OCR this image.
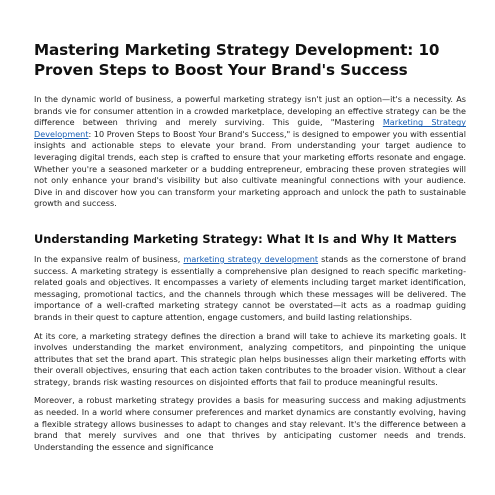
Mastering Marketing Strategy Development: 10 Proven Steps to Boost Your Brand's Success

In the dynamic world of business, a powerful marketing strategy isn't just an option—it's a necessity. As brands vie for consumer attention in a crowded marketplace, developing an effective strategy can be the difference between thriving and merely surviving. This guide, "Mastering Marketing Strategy Development: 10 Proven Steps to Boost Your Brand's Success," is designed to empower you with essential insights and actionable steps to elevate your brand. From understanding your target audience to leveraging digital trends, each step is crafted to ensure that your marketing efforts resonate and engage. Whether you're a seasoned marketer or a budding entrepreneur, embracing these proven strategies will not only enhance your brand's visibility but also cultivate meaningful connections with your audience. Dive in and discover how you can transform your marketing approach and unlock the path to sustainable growth and success.

Understanding Marketing Strategy: What It Is and Why It Matters

In the expansive realm of business, marketing strategy development stands as the cornerstone of brand success. A marketing strategy is essentially a comprehensive plan designed to reach specific marketing-related goals and objectives. It encompasses a variety of elements including target market identification, messaging, promotional tactics, and the channels through which these messages will be delivered. The importance of a well-crafted marketing strategy cannot be overstated—it acts as a roadmap guiding brands in their quest to capture attention, engage customers, and build lasting relationships.

At its core, a marketing strategy defines the direction a brand will take to achieve its marketing goals. It involves understanding the market environment, analyzing competitors, and pinpointing the unique attributes that set the brand apart. This strategic plan helps businesses align their marketing efforts with their overall objectives, ensuring that each action taken contributes to the broader vision. Without a clear strategy, brands risk wasting resources on disjointed efforts that fail to produce meaningful results.

Moreover, a robust marketing strategy provides a basis for measuring success and making adjustments as needed. In a world where consumer preferences and market dynamics are constantly evolving, having a flexible strategy allows businesses to adapt to changes and stay relevant. It's the difference between a brand that merely survives and one that thrives by anticipating customer needs and trends. Understanding the essence and significance
